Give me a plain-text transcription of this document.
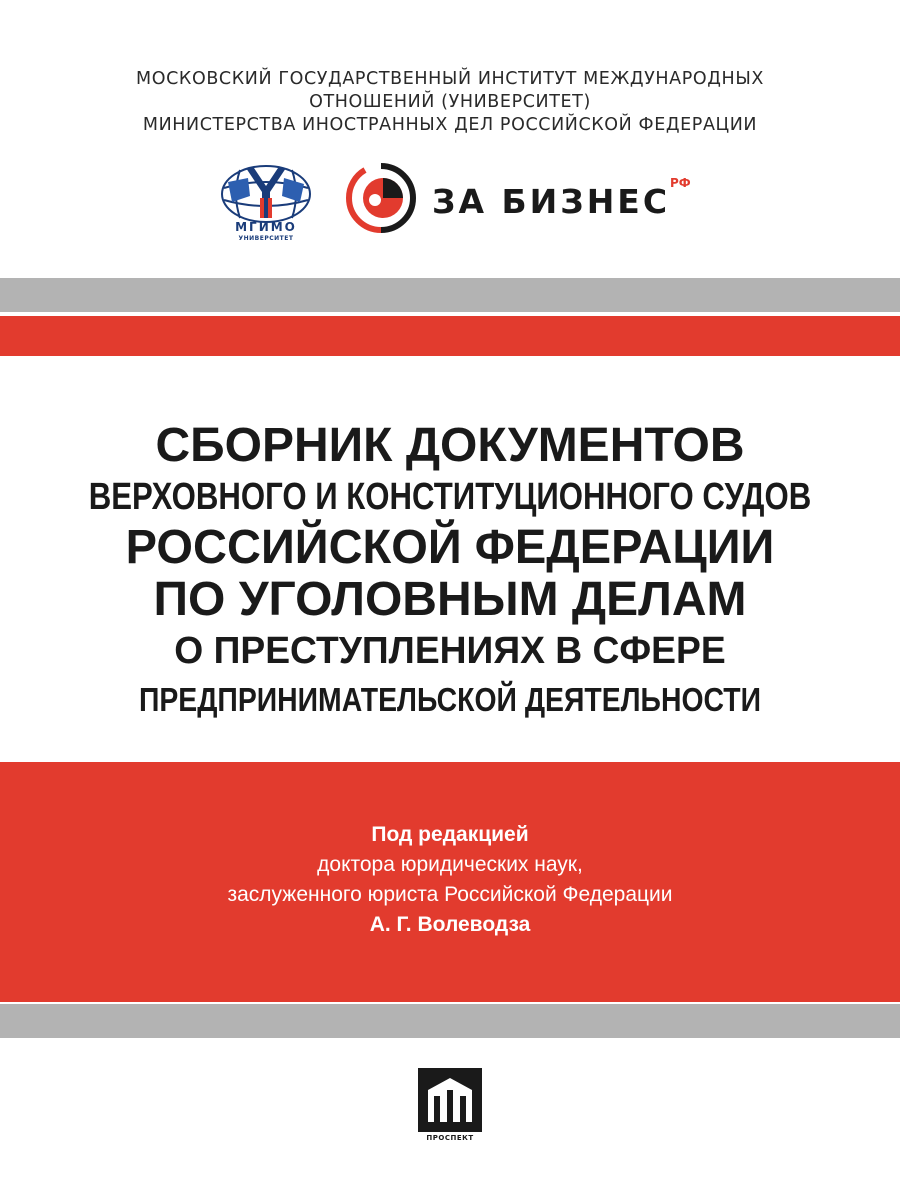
МОСКОВСКИЙ ГОСУДАРСТВЕННЫЙ ИНСТИТУТ МЕЖДУНАРОДНЫХ
ОТНОШЕНИЙ (УНИВЕРСИТЕТ)
МИНИСТЕРСТВА ИНОСТРАННЫХ ДЕЛ РОССИЙСКОЙ ФЕДЕРАЦИИ
МГИМО
УНИВЕРСИТЕТ
ЗА БИЗНЕС РФ
СБОРНИК ДОКУМЕНТОВ
ВЕРХОВНОГО И КОНСТИТУЦИОННОГО СУДОВ
РОССИЙСКОЙ ФЕДЕРАЦИИ
ПО УГОЛОВНЫМ ДЕЛАМ
О ПРЕСТУПЛЕНИЯХ В СФЕРЕ
ПРЕДПРИНИМАТЕЛЬСКОЙ ДЕЯТЕЛЬНОСТИ
Под редакцией
доктора юридических наук,
заслуженного юриста Российской Федерации
А. Г. Волеводза
ПРОСПЕКТ
